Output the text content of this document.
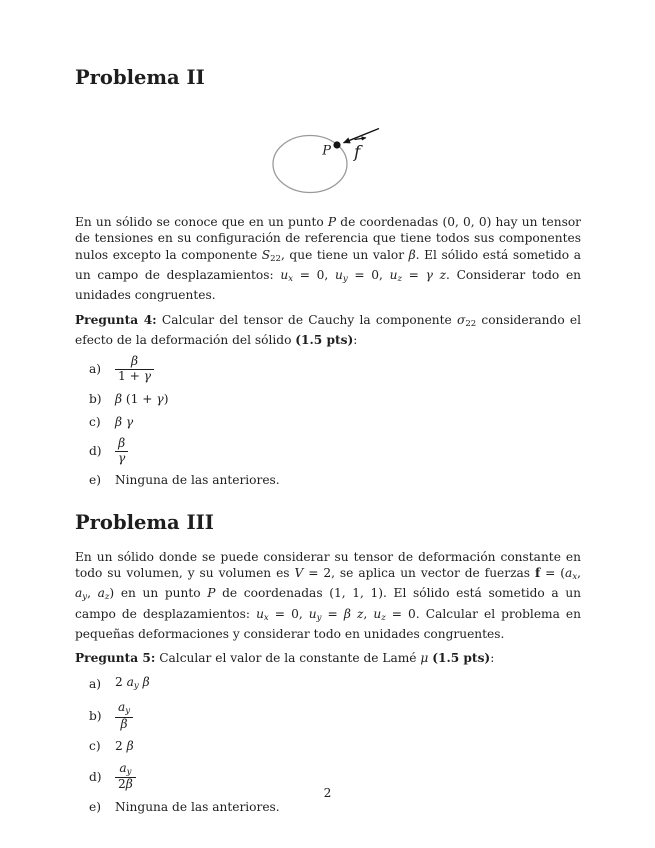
Problema II
P f

En un sólido se conoce que en un punto P de coordenadas (0, 0, 0) hay un tensor de tensiones en su configuración de referencia que tiene todos sus componentes nulos excepto la componente S22, que tiene un valor β. El sólido está sometido a un campo de desplazamientos: ux = 0, uy = 0, uz = γ z. Considerar todo en unidades congruentes.

Pregunta 4: Calcular del tensor de Cauchy la componente σ22 considerando el efecto de la deformación del sólido (1.5 pts):

a)	$\frac{\beta}{1 + \gamma}$
b)	β (1 + γ)
c)	β γ
d)	$\frac{\beta}{\gamma}$
e)	Ninguna de las anteriores.
Problema III

En un sólido donde se puede considerar su tensor de deformación constante en todo su volumen, y su volumen es V = 2, se aplica un vector de fuerzas f = (ax, ay, az) en un punto P de coordenadas (1, 1, 1). El sólido está sometido a un campo de desplazamientos: ux = 0, uy = β z, uz = 0. Calcular el problema en pequeñas deformaciones y considerar todo en unidades congruentes.

Pregunta 5: Calcular el valor de la constante de Lamé μ (1.5 pts):

a)	2 ay β
b)	$\frac{ay}{\beta}$
c)	2 β
d)	$\frac{ay}{2\beta}$
e)	Ninguna de las anteriores.
2
